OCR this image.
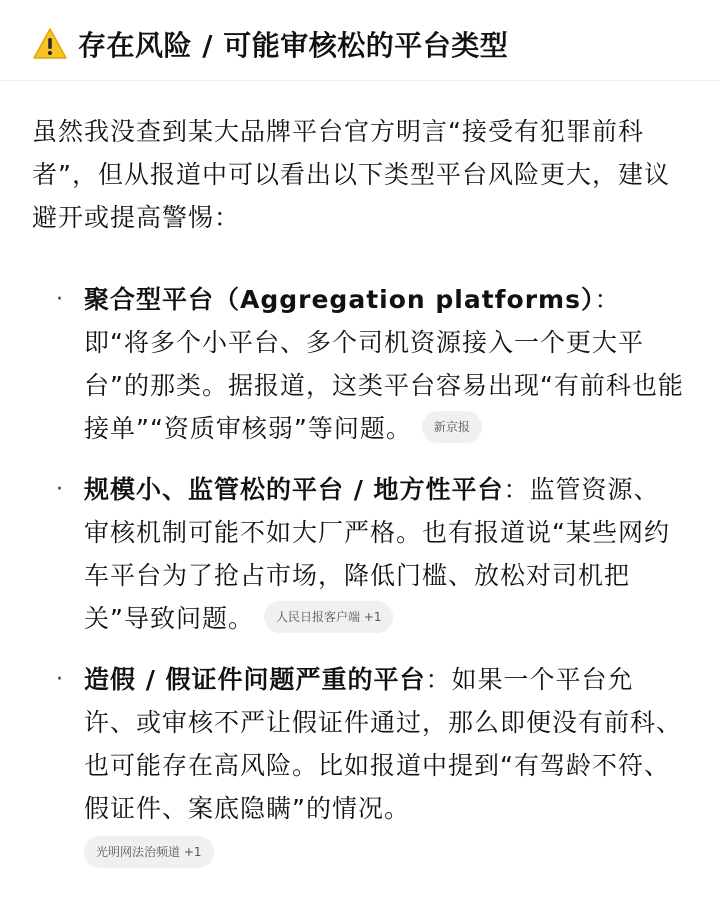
存在风险 / 可能审核松的平台类型
虽然我没查到某大品牌平台官方明言“接受有犯罪前科者”，但从报道中可以看出以下类型平台风险更大，建议避开或提高警惕：
· 聚合型平台（Aggregation platforms）：即“将多个小平台、多个司机资源接入一个更大平台”的那类。据报道，这类平台容易出现“有前科也能接单”“资质审核弱”等问题。 新京报
· 规模小、监管松的平台 / 地方性平台：监管资源、审核机制可能不如大厂严格。也有报道说“某些网约车平台为了抢占市场，降低门槛、放松对司机把关”导致问题。 人民日报客户端 +1
· 造假 / 假证件问题严重的平台：如果一个平台允许、或审核不严让假证件通过，那么即便没有前科、也可能存在高风险。比如报道中提到“有驾龄不符、假证件、案底隐瞒”的情况。
光明网法治频道 +1
